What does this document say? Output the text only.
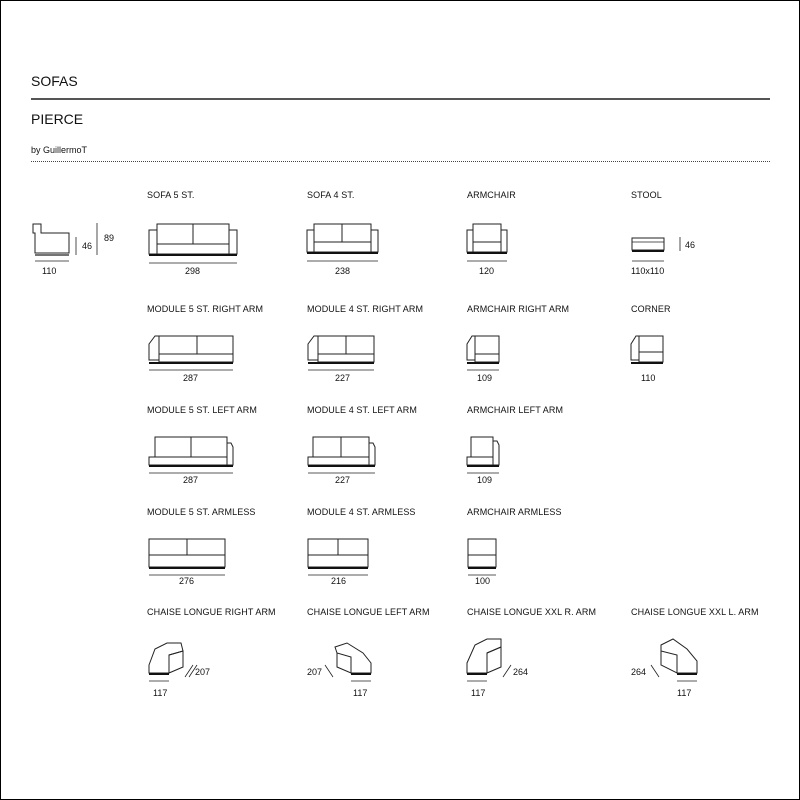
SOFAS
PIERCE
by GuillermoT
46
89
110
SOFA 5 ST.
298
SOFA 4 ST.
238
ARMCHAIR
120
STOOL
46
110x110
MODULE 5 ST. RIGHT ARM
287
MODULE 4 ST. RIGHT ARM
227
ARMCHAIR RIGHT ARM
109
CORNER
110
MODULE 5 ST. LEFT ARM
287
MODULE 4 ST. LEFT ARM
227
ARMCHAIR LEFT ARM
109
MODULE 5 ST. ARMLESS
276
MODULE 4 ST. ARMLESS
216
ARMCHAIR ARMLESS
100
CHAISE LONGUE RIGHT ARM
207
117
CHAISE LONGUE LEFT ARM
207
117
CHAISE LONGUE XXL R. ARM
264
117
CHAISE LONGUE XXL L. ARM
264
117
